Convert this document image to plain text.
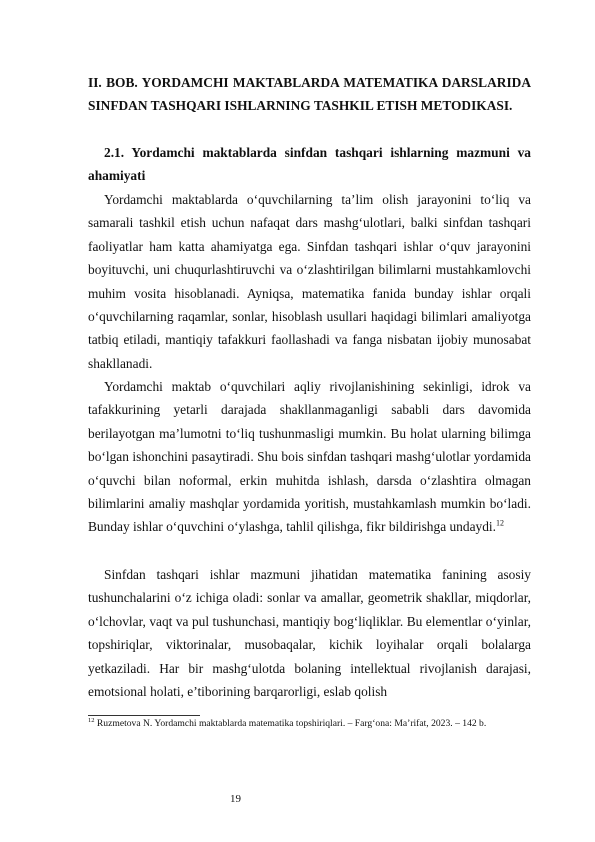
II. BOB. YORDAMCHI MAKTABLARDA MATEMATIKA DARSLARIDA SINFDAN TASHQARI ISHLARNING TASHKIL ETISH METODIKASI.

2.1. Yordamchi maktablarda sinfdan tashqari ishlarning mazmuni va ahamiyati

Yordamchi maktablarda o‘quvchilarning ta’lim olish jarayonini to‘liq va samarali tashkil etish uchun nafaqat dars mashg‘ulotlari, balki sinfdan tashqari faoliyatlar ham katta ahamiyatga ega. Sinfdan tashqari ishlar o‘quv jarayonini boyituvchi, uni chuqurlashtiruvchi va o‘zlashtirilgan bilimlarni mustahkamlovchi muhim vosita hisoblanadi. Ayniqsa, matematika fanida bunday ishlar orqali o‘quvchilarning raqamlar, sonlar, hisoblash usullari haqidagi bilimlari amaliyotga tatbiq etiladi, mantiqiy tafakkuri faollashadi va fanga nisbatan ijobiy munosabat shakllanadi.

Yordamchi maktab o‘quvchilari aqliy rivojlanishining sekinligi, idrok va tafakkurining yetarli darajada shakllanmaganligi sababli dars davomida berilayotgan ma’lumotni to‘liq tushunmasligi mumkin. Bu holat ularning bilimga bo‘lgan ishonchini pasaytiradi. Shu bois sinfdan tashqari mashg‘ulotlar yordamida o‘quvchi bilan noformal, erkin muhitda ishlash, darsda o‘zlashtira olmagan bilimlarini amaliy mashqlar yordamida yoritish, mustahkamlash mumkin bo‘ladi. Bunday ishlar o‘quvchini o‘ylashga, tahlil qilishga, fikr bildirishga undaydi.$^{12}$

Sinfdan tashqari ishlar mazmuni jihatidan matematika fanining asosiy tushunchalarini o‘z ichiga oladi: sonlar va amallar, geometrik shakllar, miqdorlar, o‘lchovlar, vaqt va pul tushunchasi, mantiqiy bog‘liqliklar. Bu elementlar o‘yinlar, topshiriqlar, viktorinalar, musobaqalar, kichik loyihalar orqali bolalarga yetkaziladi. Har bir mashg‘ulotda bolaning intellektual rivojlanish darajasi, emotsional holati, e’tiborining barqarorligi, eslab qolish

$^{12}$ Ruzmetova N. Yordamchi maktablarda matematika topshiriqlari. – Farg‘ona: Ma’rifat, 2023. – 142 b.

19
